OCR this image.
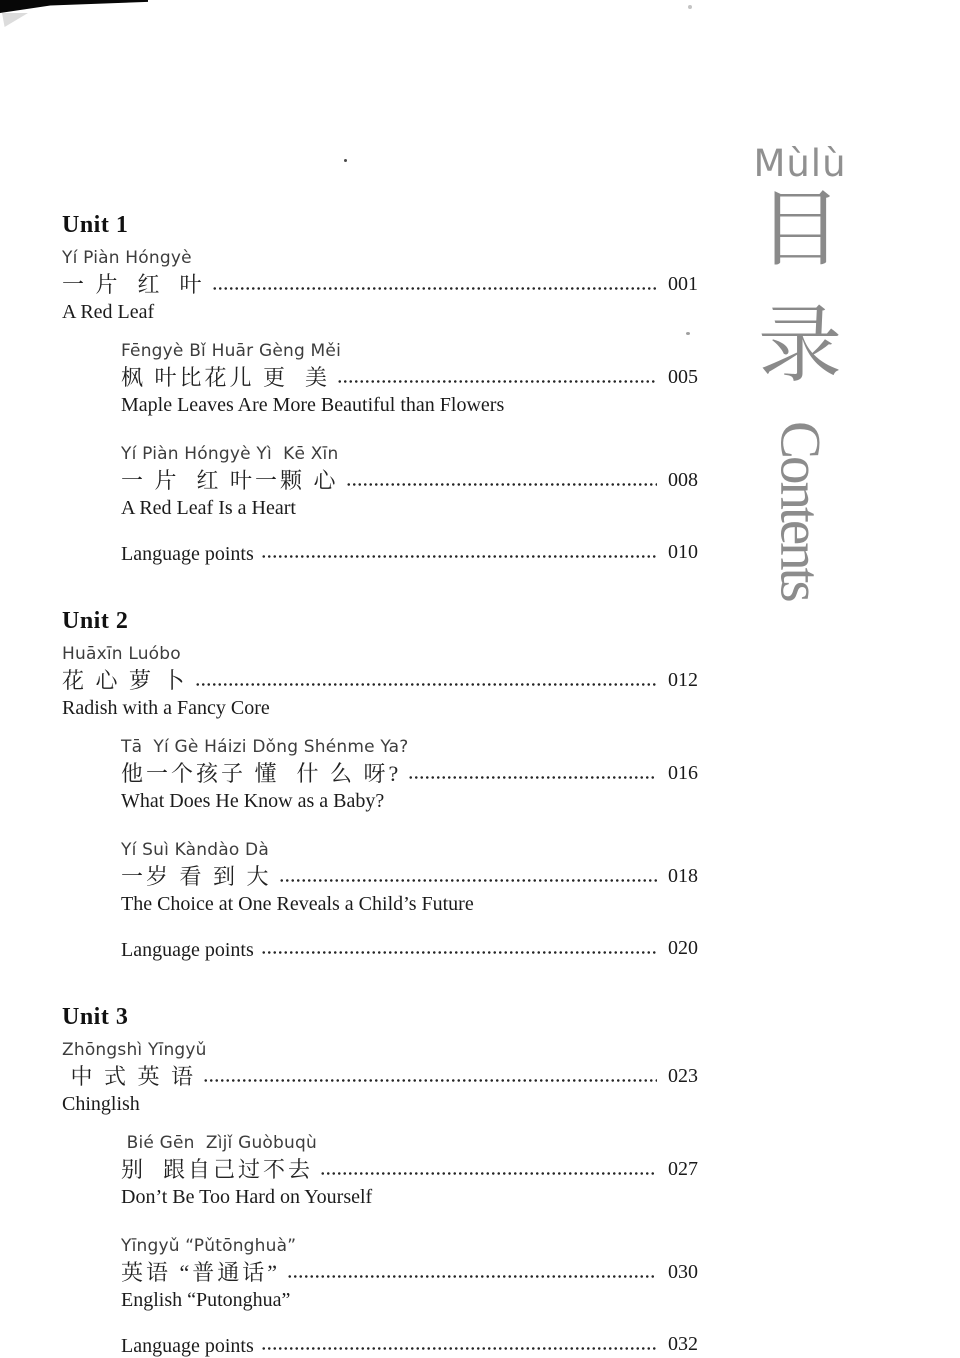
Unit 1
Yí Piàn Hóngyè
一 片  红  叶	001
A Red Leaf
Fēngyè Bǐ Huār Gèng Měi
枫 叶比花儿 更  美	005
Maple Leaves Are More Beautiful than Flowers
Yí Piàn Hóngyè Yì  Kē Xīn
一 片  红 叶一颗 心	008
A Red Leaf Is a Heart
Language points	010
Unit 2
Huāxīn Luóbo
花 心 萝 卜	012
Radish with a Fancy Core
Tā  Yí Gè Háizi Dǒng Shénme Ya?
他一个孩子 懂  什 么 呀?	016
What Does He Know as a Baby?
Yí Suì Kàndào Dà
一岁 看 到 大	018
The Choice at One Reveals a Child’s Future
Language points	020
Unit 3
Zhōngshì Yīngyǔ
中 式 英 语	023
Chinglish
Bié Gēn  Zìjǐ Guòbuqù
别  跟自己过不去	027
Don’t Be Too Hard on Yourself
Yīngyǔ “Pǔtōnghuà”
英语 “普通话”	030
English “Putonghua”
Language points	032
Mùlù
目
录
Contents
